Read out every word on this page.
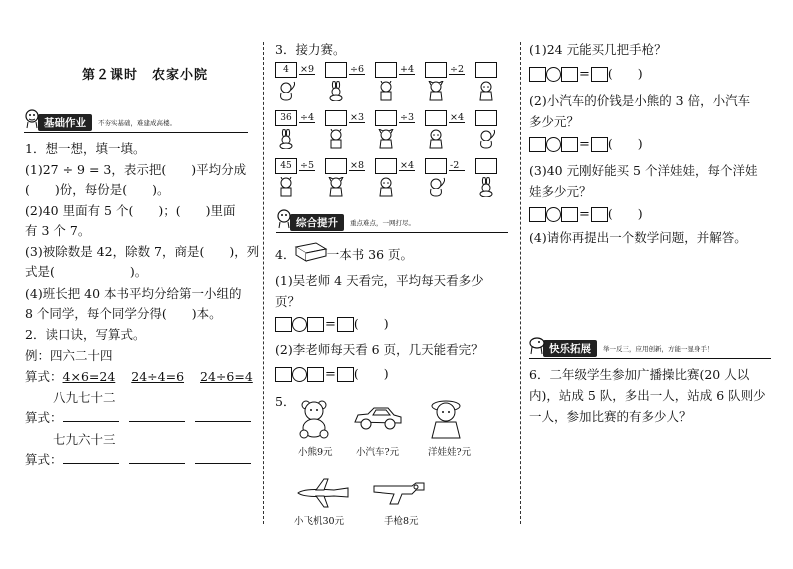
第２课时　农家小院
基础作业	不夯实基础，难建成高楼。
1．想一想，填一填。
(1)27 ÷ 9 = 3，表示把(　　)平均分成
(　　)份，每份是(　　)。
(2)40 里面有 5 个(　　)；(　　)里面
有 3 个 7。
(3)被除数是 42，除数 7，商是(　　)，列
式是(　　　　　　)。
(4)班长把 40 本书平均分给第一小组的
8 个同学，每个同学分得(　　)本。
2．读口诀，写算式。
例：四六二十四
算式：4×6=24 24÷4=6 24÷6=4
八九七十二
算式：
七九六十三
算式：
3．接力赛。
4	×9	÷6	+4	÷2
36 ÷4	×3	÷3	×4
45 ÷5	×8	×4	-2
综合提升	重点难点，一网打尽。
4．　　　一本书 36 页。
(1)吴老师 4 天看完，平均每天看多少
页？
= (　　)
(2)李老师每天看 6 页，几天能看完？
= (　　)
5．
小熊9元 小汽车?元	洋娃娃?元
小飞机30元	手枪8元
(1)24 元能买几把手枪？
= (　　)
(2)小汽车的价钱是小熊的 3 倍，小汽车
多少元？
= (　　)
(3)40 元刚好能买 5 个洋娃娃，每个洋娃
娃多少元？
= (　　)
(4)请你再提出一个数学问题，并解答。
快乐拓展	举一反三，应用创新，方能一显身手！
6．二年级学生参加广播操比赛(20 人以
内)，站成 5 队，多出一人，站成 6 队则少
一人，参加比赛的有多少人？
